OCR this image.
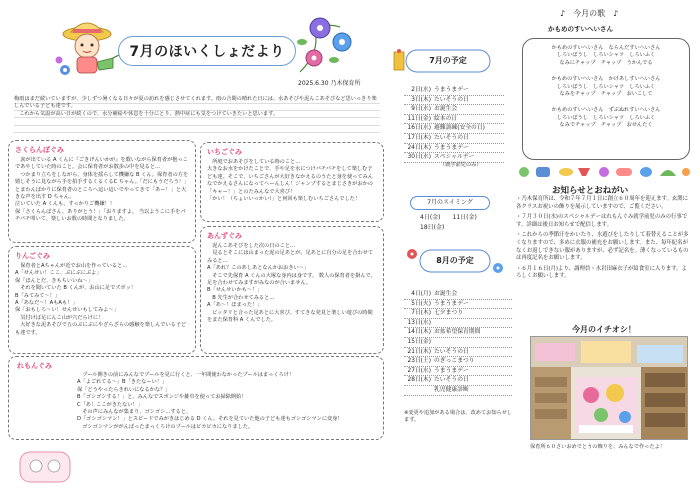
7月のほいくしょだより
2025.6.30 乃木保育所
梅雨はまだ続いていますが、少しずつ暑くなる日々が夏の訪れを感じさせてくれます。雨の合間の晴れた日には、水あそびや泥んこあそびなど思いっきり楽しんでいる子ども達です。
　これから気温が高い日が続くので、水分補給や休息を十分にとり、熱中症にも気をつけていきたいと思います。
さくらんぼぐみ
　涙が出ている A くんに『ごきげんいかが』を歌いながら保育者が抱っこであやしていた時のこと。会に保育者がお散歩の中を見ると…
　つかまり立ちをしながら、身体を揺らして機嫌な B くん。保育者の方を嬉しそうに見ながら手を拍手するくるくるC ちゃん。「だにもうだろう！」とまわんばかりに保育者のところへ這い這いでやってきて「あー！」と大きな声を出す D ちゃん。
泣いていた A くんも、すっかりご機嫌！！
保「さくらんぼさん、ありがとう！」「おりますよ。 当以ようこに手をパチパチ叩いて、楽しいお歌の時間となりました。
いちごぐみ
　所庭でおあそびをしている時のこと…
大きなお水をかけたことで、手や足を水につけパチパチをして楽しむ子ども達。そこで、いちごさんが大好きなかえるのうたと身を使ってみんなでかえるさんになってへーんしん！ジャンプするとまじさきがおかの「キャー！」とのたみんなで大喜び！
「かい！（ちょいいっかい）」と何回も楽しむいちごさんでした！
りんごぐみ
　保育者とAちゃんが近でお山を作っていると…
A「せんせい！ここ、ぶにぶにぶよ」
保「ほんとだ、きもちいいね～」
　それを聞いていた B くんが、お山に足でズボッ！
B「みてみて～！」
A「あなだ～！AもAも！」
保「おもしろ～い！せんせいもしてみよ～」
　気付けば足にんこ山が穴だらけに！
　大好きな泥あそびで五のぶにぶにやざらざらの感触を楽しんでいる子ども達です。
あんずぐみ
　泥んこあそびをした次の日のこと…
　見るとそこには山まった泥の足あとが。足あとに自分の足を合わせてみると…
A「あれ？このあしあとなんかおおきい～」
　そこで先保育 A くんの大塚な身内は身です。 数人の保育者を掛んで、足を合わせてみますがみなのが合いません。
B「せんせいかも～！」
　B 先生が合わせてみると…
A「あ～！ほまった！」
　ビッタリと合った足あとに大喜び。すてきな発見と楽しい遊びの時間をまた保育科 A くんでした。
れもんぐみ
　プール開きの前にみんなでプールを見に行くと、一年間使わなかったプールはまっくろけ！
A「よごれてる～」B「きたなーい！」
保「どうやったらきれいになるかな？」
B「ゴシゴシする！」と、みんなでスポンジや雑巾を使ってお掃除開始！
C「あ！ここがきたない！」
　その声にみんなが集まり、ゴシゴシ…すると、
D「ゴシゴシマン！」とスピードでみがきはじめる D くん。それを見ていた他の子ども達もゴシゴシマンに変身！
　ゴシゴシマンががんばったまっくろけのプールはピカピカになりました。
7月の予定
2日(水) うまうまデー
3日(木) たいそうの日
9日(水) お誕生会
11日(金) 絵本の日
16日(水) 避難訓練(安全の日)
17日(木) たいそうの日
24日(木) うまうまデー
30日(水) スペシャルデー
（就学前児のみ）
7月のスイミング
4日(金)　　11日(金)
18日(金)
8月の予定
4日(月) お誕生会
5日(火) うまうまデー
7日(木) 七夕まつり
13日(水)
14日(木) お盆希望保育期間
15日(金)
21日(木) たいそうの日
23日(土) のぎっこまつり
27日(水) うまうまデー
28日(木) たいそうの日
乳児健康診断
※変更や追加がある場合は、改めてお知らせします。
♪　今月の歌　♪
かもめのすいへいさん
かもめのすいへいさん　ならんだすいへいさん
しろいぼうし　しろいシャツ　しろいふく
なみにチャップ　チャップ　うかんでる
かもめのすいへいさん　かけあしすいへいさん
しろいぼうし　しろいシャツ　しろいふく
なみをチャップ　チャップ　おいこして
かもめのすいへいさん　ずぶぬれすいへいさん
しろいぼうし　しろいシャツ　しろいふく
なみでチャップ　チャップ　おせんたく
お知らせとおねがい

・乃木保育所は、令和７年７月１日に創立６０周年を迎えます。玄関に各クラスお祝いの飾りを展示していますので、ご覧ください。

・７月３０日(水)のスペシャルデーはれもんぐみ就学前児のみの行事です。詳細は後日お知らせで配信します。

・これからの季節汗をかいたり、水遊びをしたりして着替えることが多くなりますので、多めに衣服の補充をお願いします。また、毎年紀名がなくお返しできない服がありますが、必ず記名を。薄くなっているものは再度記名をお願いします。

・６月１６日(月)より、調理員・水岩田麻衣子が給食室に入ります。よろしくお願いします。

今月のイチオシ！
保育所６０さいおめでとうの飾りを、みんなで作ったよ！
